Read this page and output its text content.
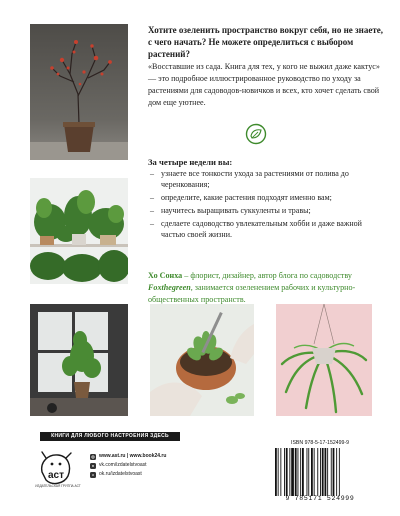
Хотите озеленить пространство вокруг себя, но не знаете, с чего начать? Не можете определиться с выбором растений?
«Восставшие из сада. Книга для тех, у кого не выжил даже кактус» — это подробное иллюстрированное руководство по уходу за растениями для садоводов-новичков и всех, кто хочет сделать свой дом еще уютнее.
За четыре недели вы:
– узнаете все тонкости ухода за растениями от полива до черенкования;
– определите, какие растения подходят именно вам;
– научитесь выращивать суккуленты и травы;
– сделаете садоводство увлекательным хобби и даже важной частью своей жизни.
Хо Сонха – флорист, дизайнер, автор блога по садоводству Foxthegreen, занимается озеленением рабочих и культурно-общественных пространств.
КНИГИ ДЛЯ ЛЮБОГО НАСТРОЕНИЯ ЗДЕСЬ
аст
ИЗДАТЕЛЬСКАЯ ГРУППА АСТ
◎ www.ast.ru | www.book24.ru
в vk.com/izdatelstvoast
о ok.ru/izdatelstvoast
ISBN 978-5-17-152499-9
9 785171 524999
